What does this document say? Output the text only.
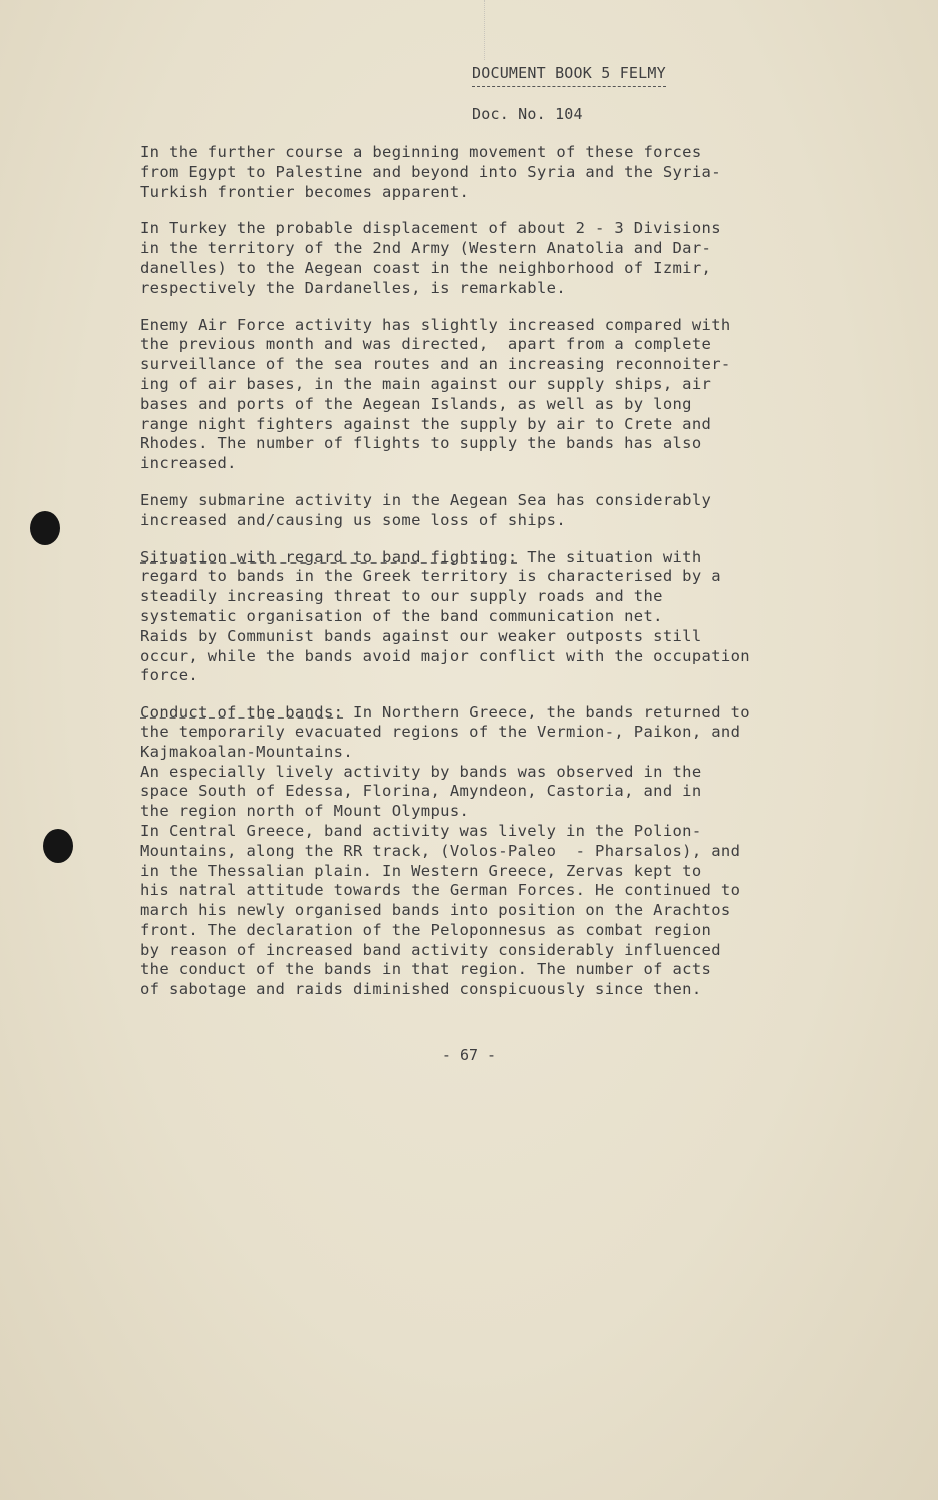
DOCUMENT BOOK 5 FELMY
Doc. No. 104

In the further course a beginning movement of these forces
from Egypt to Palestine and beyond into Syria and the Syria-
Turkish frontier becomes apparent.

In Turkey the probable displacement of about 2 - 3 Divisions
in the territory of the 2nd Army (Western Anatolia and Dar-
danelles) to the Aegean coast in the neighborhood of Izmir,
respectively the Dardanelles, is remarkable.

Enemy Air Force activity has slightly increased compared with
the previous month and was directed,  apart from a complete
surveillance of the sea routes and an increasing reconnoiter-
ing of air bases, in the main against our supply ships, air
bases and ports of the Aegean Islands, as well as by long
range night fighters against the supply by air to Crete and
Rhodes. The number of flights to supply the bands has also
increased.

Enemy submarine activity in the Aegean Sea has considerably
increased and/causing us some loss of ships.

Situation with regard to band fighting: The situation with
regard to bands in the Greek territory is characterised by a
steadily increasing threat to our supply roads and the
systematic organisation of the band communication net.
Raids by Communist bands against our weaker outposts still
occur, while the bands avoid major conflict with the occupation
force.

Conduct of the bands: In Northern Greece, the bands returned to
the temporarily evacuated regions of the Vermion-, Paikon, and
Kajmakoalan-Mountains.
An especially lively activity by bands was observed in the
space South of Edessa, Florina, Amyndeon, Castoria, and in
the region north of Mount Olympus.
In Central Greece, band activity was lively in the Polion-
Mountains, along the RR track, (Volos-Paleo  - Pharsalos), and
in the Thessalian plain. In Western Greece, Zervas kept to
his natral attitude towards the German Forces. He continued to
march his newly organised bands into position on the Arachtos
front. The declaration of the Peloponnesus as combat region
by reason of increased band activity considerably influenced
the conduct of the bands in that region. The number of acts
of sabotage and raids diminished conspicuously since then.

- 67 -
